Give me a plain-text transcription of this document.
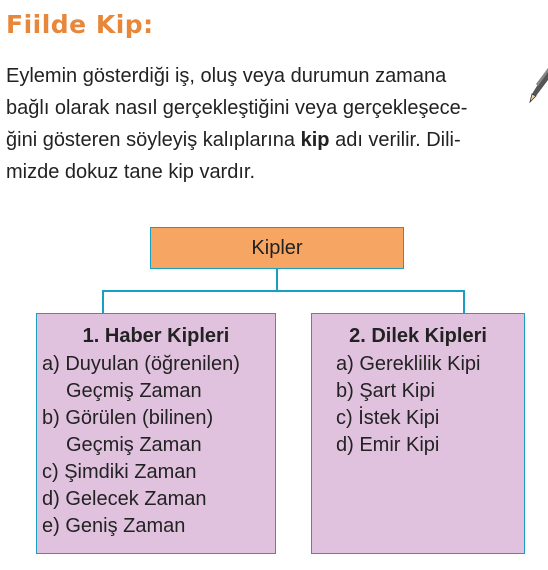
Fiilde Kip:
Eylemin gösterdiği iş, oluş veya durumun zamana
bağlı olarak nasıl gerçekleştiğini veya gerçekleşece-
ğini gösteren söyleyiş kalıplarına kip adı verilir. Dili-
mizde dokuz tane kip vardır.
Kipler
1. Haber Kipleri
a) Duyulan (öğrenilen)
Geçmiş Zaman
b) Görülen (bilinen)
Geçmiş Zaman
c) Şimdiki Zaman
d) Gelecek Zaman
e) Geniş Zaman
2. Dilek Kipleri
a) Gereklilik Kipi
b) Şart Kipi
c) İstek Kipi
d) Emir Kipi
